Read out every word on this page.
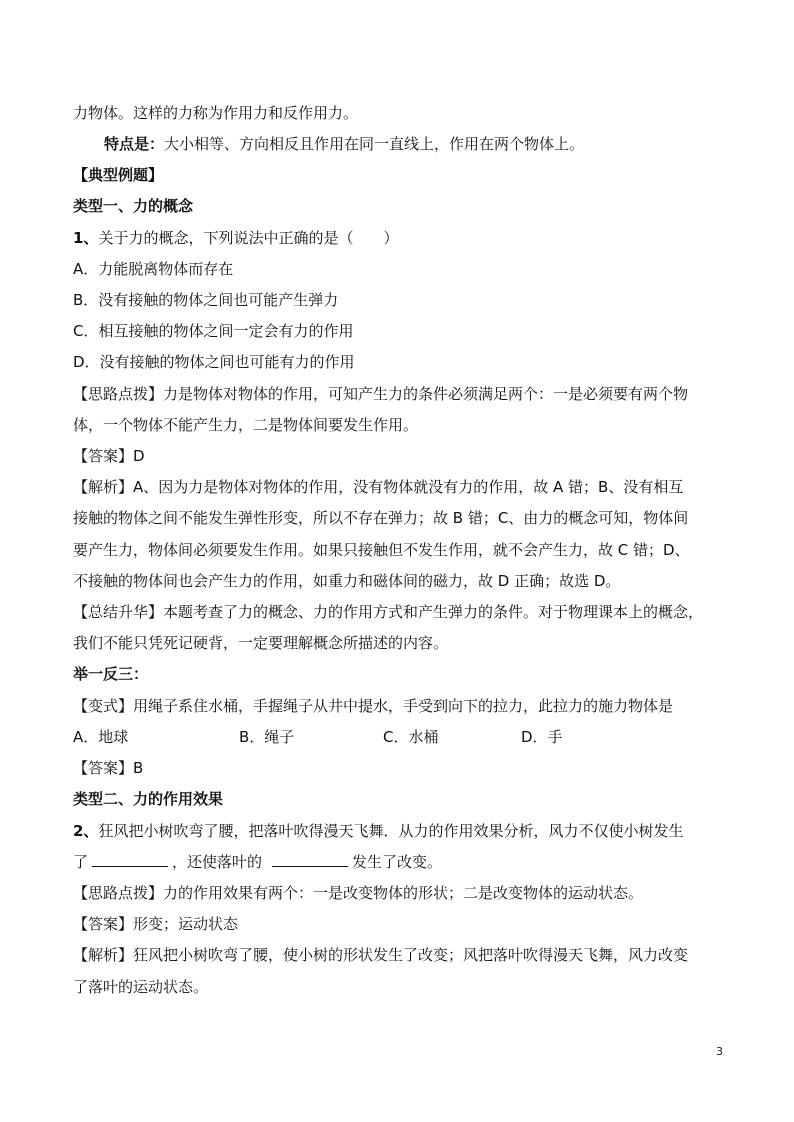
力物体。这样的力称为作用力和反作用力。
特点是：大小相等、方向相反且作用在同一直线上，作用在两个物体上。
【典型例题】
类型一、力的概念
1、关于力的概念，下列说法中正确的是（　　）
A．力能脱离物体而存在
B．没有接触的物体之间也可能产生弹力
C．相互接触的物体之间一定会有力的作用
D．没有接触的物体之间也可能有力的作用
【思路点拨】力是物体对物体的作用，可知产生力的条件必须满足两个：一是必须要有两个物
体，一个物体不能产生力，二是物体间要发生作用。
【答案】D
【解析】A、因为力是物体对物体的作用，没有物体就没有力的作用，故 A 错；B、没有相互
接触的物体之间不能发生弹性形变，所以不存在弹力；故 B 错；C、由力的概念可知，物体间
要产生力，物体间必须要发生作用。如果只接触但不发生作用，就不会产生力，故 C 错；D、
不接触的物体间也会产生力的作用，如重力和磁体间的磁力，故 D 正确；故选 D。
【总结升华】本题考查了力的概念、力的作用方式和产生弹力的条件。对于物理课本上的概念，
我们不能只凭死记硬背，一定要理解概念所描述的内容。
举一反三：
【变式】用绳子系住水桶，手握绳子从井中提水，手受到向下的拉力，此拉力的施力物体是
A．地球	B．绳子	C．水桶	D．手
【答案】B
类型二、力的作用效果
2、狂风把小树吹弯了腰，把落叶吹得漫天飞舞．从力的作用效果分析，风力不仅使小树发生
了	，还使落叶的	发生了改变。
【思路点拨】力的作用效果有两个：一是改变物体的形状；二是改变物体的运动状态。
【答案】形变；运动状态
【解析】狂风把小树吹弯了腰，使小树的形状发生了改变；风把落叶吹得漫天飞舞，风力改变
了落叶的运动状态。
3
